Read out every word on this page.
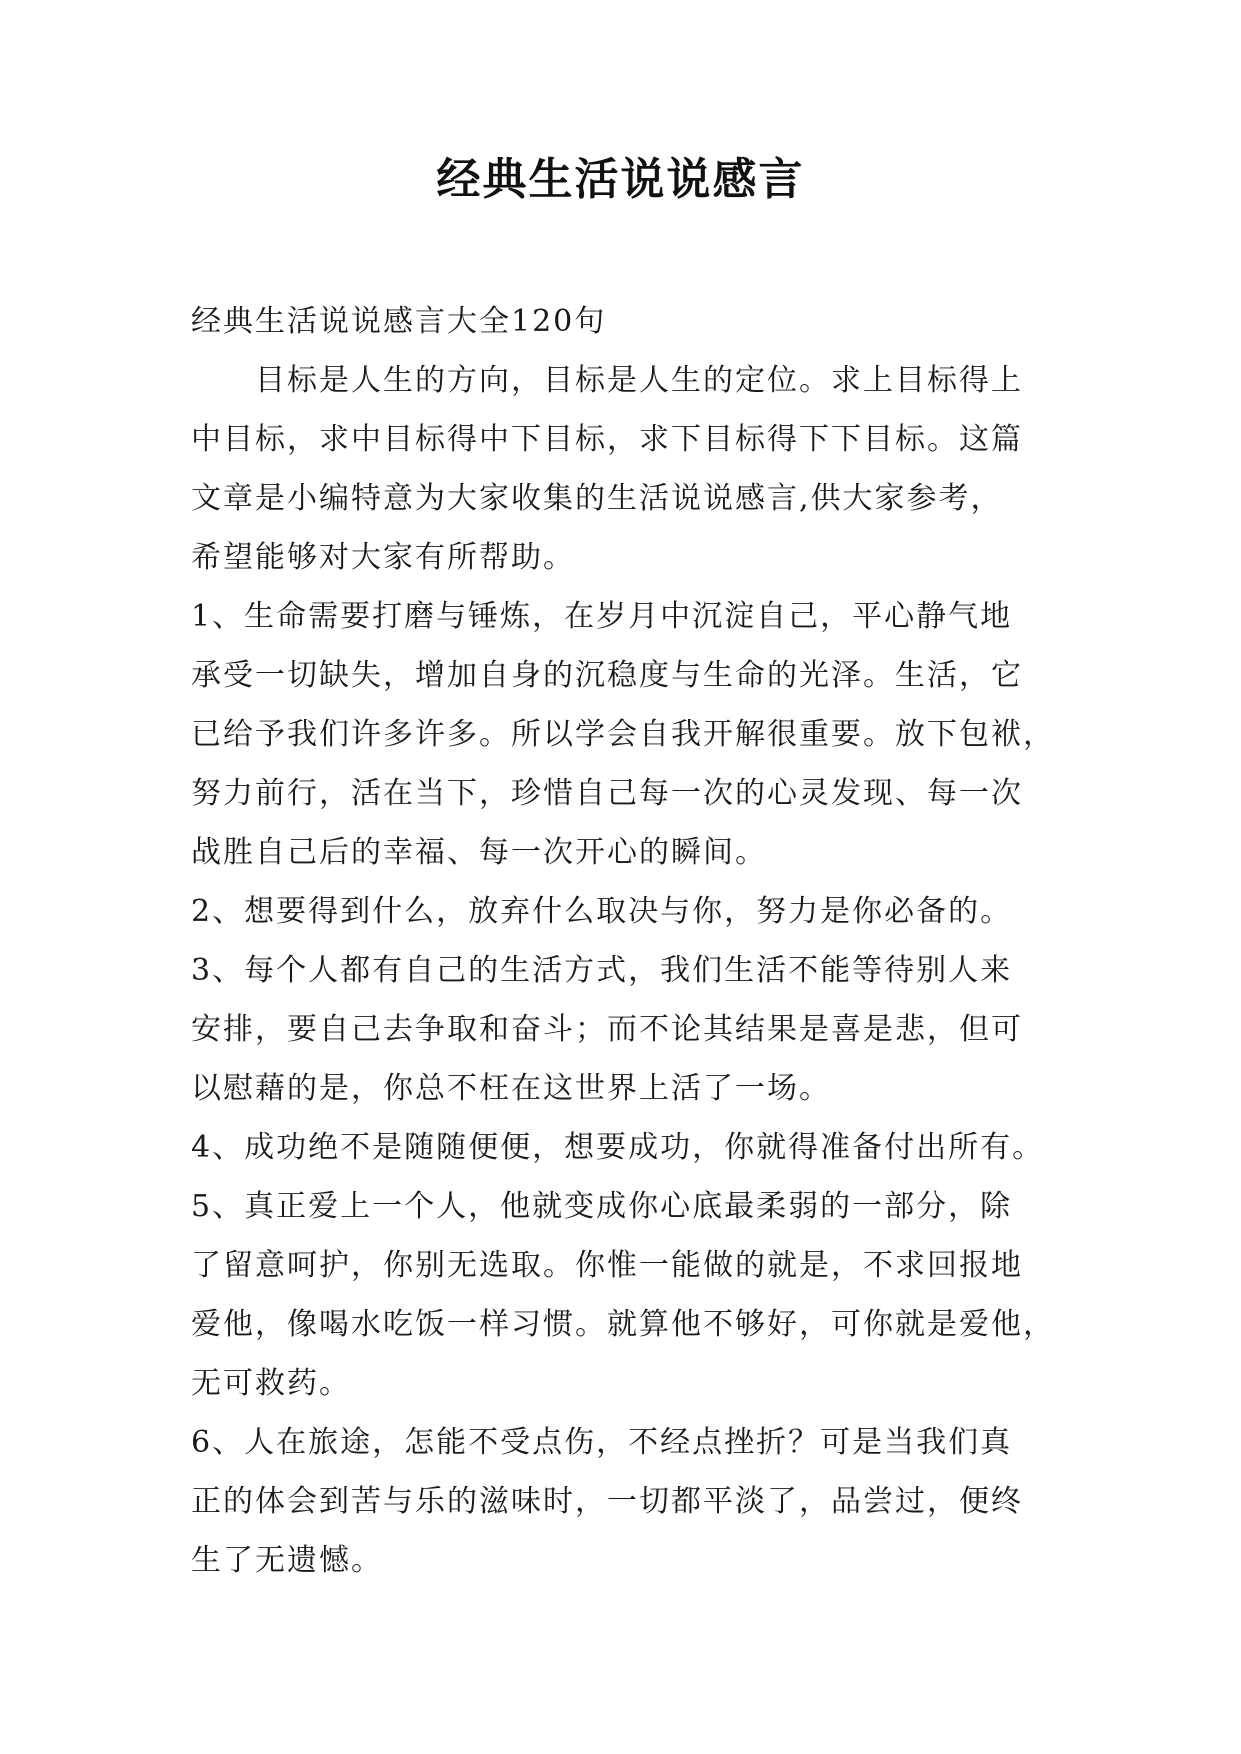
经典生活说说感言
经典生活说说感言大全120句
　　目标是人生的方向，目标是人生的定位。求上目标得上
中目标，求中目标得中下目标，求下目标得下下目标。这篇
文章是小编特意为大家收集的生活说说感言,供大家参考，
希望能够对大家有所帮助。
1、生命需要打磨与锤炼，在岁月中沉淀自己，平心静气地
承受一切缺失，增加自身的沉稳度与生命的光泽。生活，它
已给予我们许多许多。所以学会自我开解很重要。放下包袱，
努力前行，活在当下，珍惜自己每一次的心灵发现、每一次
战胜自己后的幸福、每一次开心的瞬间。
2、想要得到什么，放弃什么取决与你，努力是你必备的。
3、每个人都有自己的生活方式，我们生活不能等待别人来
安排，要自己去争取和奋斗；而不论其结果是喜是悲，但可
以慰藉的是，你总不枉在这世界上活了一场。
4、成功绝不是随随便便，想要成功，你就得准备付出所有。
5、真正爱上一个人，他就变成你心底最柔弱的一部分，除
了留意呵护，你别无选取。你惟一能做的就是，不求回报地
爱他，像喝水吃饭一样习惯。就算他不够好，可你就是爱他，
无可救药。
6、人在旅途，怎能不受点伤，不经点挫折？可是当我们真
正的体会到苦与乐的滋味时，一切都平淡了，品尝过，便终
生了无遗憾。
